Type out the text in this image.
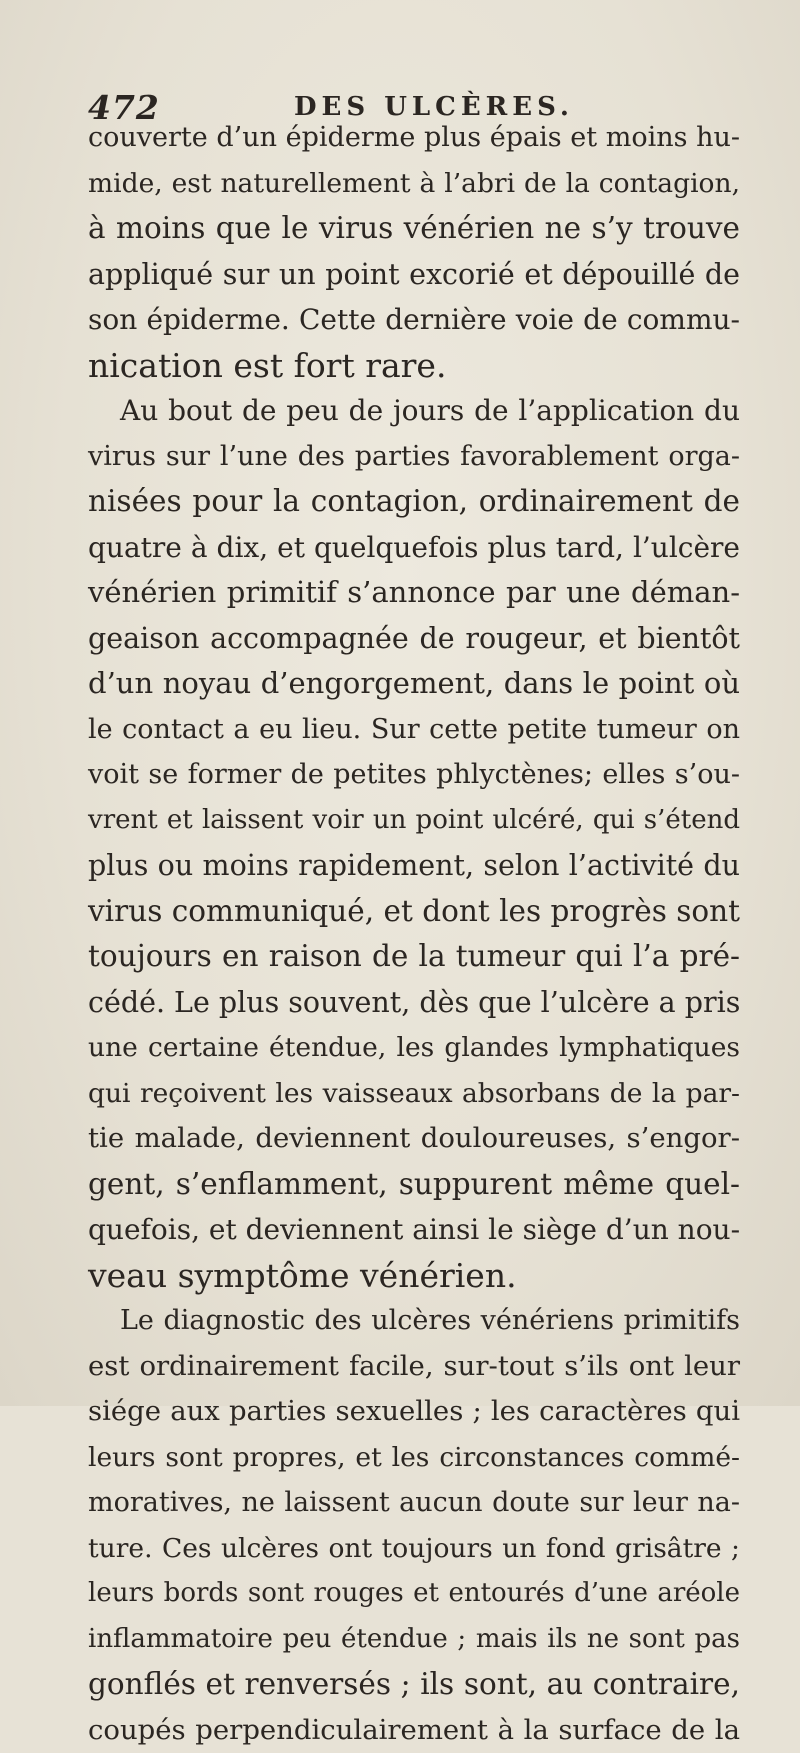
472	DES ULCÈRES.
couverte d’un épiderme plus épais et moins hu-
mide, est naturellement à l’abri de la contagion,
à moins que le virus vénérien ne s’y trouve
appliqué sur un point excorié et dépouillé de
son épiderme. Cette dernière voie de commu-
nication est fort rare.
Au bout de peu de jours de l’application du
virus sur l’une des parties favorablement orga-
nisées pour la contagion, ordinairement de
quatre à dix, et quelquefois plus tard, l’ulcère
vénérien primitif s’annonce par une déman-
geaison accompagnée de rougeur, et bientôt
d’un noyau d’engorgement, dans le point où
le contact a eu lieu. Sur cette petite tumeur on
voit se former de petites phlyctènes; elles s’ou-
vrent et laissent voir un point ulcéré, qui s’étend
plus ou moins rapidement, selon l’activité du
virus communiqué, et dont les progrès sont
toujours en raison de la tumeur qui l’a pré-
cédé. Le plus souvent, dès que l’ulcère a pris
une certaine étendue, les glandes lymphatiques
qui reçoivent les vaisseaux absorbans de la par-
tie malade, deviennent douloureuses, s’engor-
gent, s’enflamment, suppurent même quel-
quefois, et deviennent ainsi le siège d’un nou-
veau symptôme vénérien.
Le diagnostic des ulcères vénériens primitifs
est ordinairement facile, sur-tout s’ils ont leur
siége aux parties sexuelles ; les caractères qui
leurs sont propres, et les circonstances commé-
moratives, ne laissent aucun doute sur leur na-
ture. Ces ulcères ont toujours un fond grisâtre ;
leurs bords sont rouges et entourés d’une aréole
inflammatoire peu étendue ; mais ils ne sont pas
gonflés et renversés ; ils sont, au contraire,
coupés perpendiculairement à la surface de la
